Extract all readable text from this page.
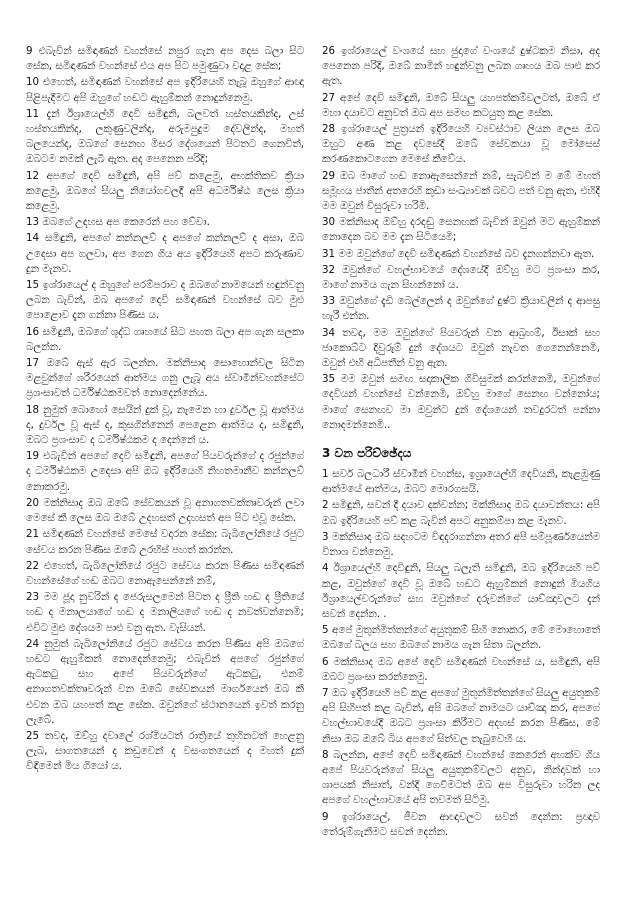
9 එබැවින් සමිඳාණන් වහන්සේ නපුර ගැන අප දෙස බලා සිට සේක, සමිඳාණන් වහන්සේ එය අප පිට පමුණුවා වදාළ සේක;

10 එහෙත්, සමිඳාණන් වහන්සේ අප ඉදිරියෙහි තැබූ ඔහුගේ ආඥා පිළිපැදීමට අපි ඔහුගේ හඬට ඇහුම්කන් නොදුන්නෙමු.

11 දැන් ඊශ්‍රායෙල්හි දෙවි සමිඳුනි, බලවත් හස්තයකින්ද, උස් හස්තයකින්ද, ලකුණුවලින්ද, අරුමපුදුම දේවලින්ද, මහත් බලයෙන්ද, ඔබගේ සෙනඟ මිසර දේශයෙන් පිටතට ගෙනවිත්, ඔබටම නමක් ලැබී ඇත. අද පෙනෙන පරිදි;

12 අපගේ දෙවි සමිඳුනි, අපි පව් කළෙමු, අභක්තිකව ක්‍රියා කළෙමු, ඔබගේ සියලු නියෝගවලදී අපි අධර්මිෂ්ඨ ලෙස ක්‍රියා කළෙමු.

13 ඔබගේ උදහස අප කෙරෙන් පහ වේවා.

14 සමිඳුනි, අපගේ කන්නලව් ද අපගේ කන්නලව් ද අසා, ඔබ උදෙසා අප ගලවා, අප ගෙන ගිය අය ඉදිරියෙහි අපට කරුණාව දුන මැනව.

15 ඉශ්රායෙල් ද ඔහුගේ පරම්පරාව ද ඔබගේ නාමයෙන් හඳුන්වනු ලබන බැවින්, ඔබ අපගේ දෙවි සමිඳාණන් වහන්සේ බව මුළු පොළොව දැන ගන්නා පිණිස ය.

16 සමිඳුනි, ඔබගේ ශුද්ධ ගෘහයේ සිට පහත බලා අප ගැන සලකා බලන්න.

17 ඔබේ ඇස් ඇර බලන්න. මක්නිසාද සොහොන්වල සිටින මළවුන්ගේ ශරීරයෙන් ආත්මය ගනු ලැබූ අය ස්වාමීන්වහන්සේට ප්‍රශංසාවත් ධර්මිෂ්ඨකමවත් නොදෙන්නේය.

18 නුමුත් බොහෝ සෙයින් දුක් වූ, නැමෙන හා දුර්වල වූ ආත්මය ද, දුර්වල වූ ඇස් ද, කුසගින්නෙන් පෙළෙන ආත්මය ද, සමිඳුනි, ඔබට ප්‍රශංසාව ද ධර්මිෂ්ඨකම ද දෙන්නේ ය.

19 එබැවින් අපගේ දෙවි සමිඳුනි, අපගේ පියවරුන්ගේ ද රජුන්ගේ ද ධර්මිෂ්ඨකම උදෙසා අපි ඔබ ඉදිරියෙහි නිහතමානීව කන්නලව් නොකරමු.

20 මක්නිසාද ඔබ ඔබේ සේවකයන් වූ අනාගතවක්තෘවරුන් ලවා මෙසේ කී ලෙස ඔබ ඔබේ උදහසත් උදහසත් අප පිට එවූ සේක.

21 සමිඳාණන් වහන්සේ මෙසේ වදාරන සේක: බැබිලෝනියේ රජුට සේවය කරන පිණිස ඔබේ උරහිස් පහත් කරන්න.

22 එහෙත්, බැබිලෝනියේ රජුට සේවය කරන පිණිස සමිඳාණන් වහන්සේගේ හඬ ඔබට නොඇසෙන්නේ නම්,

23 මම ජූදා නුවරින් ද ජෙරුසලමෙන් පිටත ද ප්‍රීති හඬ ද ප්‍රීතියේ හඬ ද මනාලයාගේ හඬ ද මනාලියගේ හඬ ද නවත්වන්නෙමි; එවිට මුළු දේශයම පාළු වනු ඇත. වැසියන්.

24 නුමුත් බැබිලෝනියේ රජුට සේවය කරන පිණිස අපි ඔබගේ හඬට ඇහුම්කන් නොදෙන්නෙමු; එබැවින් අපගේ රජුන්ගේ ඇටකටු සහ අපේ පියවරුන්ගේ ඇටකටු, එනම් අනාගතවක්තෘවරුන් වන ඔබේ සේවකයන් මාර්ගයෙන් ඔබ කී එවන ඔබ යහපත් කළ සේක. ඔවුන්ගේ ස්ථානයෙන් ඉවත් කරනු ලැබේ.

25 තවද, ඔව්හු දවාලේ රශ්මියටත් රාත්‍රියේ තුහිනටත් හෙළනු ලැබ, සාගතයෙන් ද කඩුවෙන් ද වසංගතයෙන් ද මහත් දුක් විඳිමෙන් මිය ගියෝ ය.

26 ඉශ්රායෙල් වංශයේ සහ ජුදාගේ වංශයේ දුෂ්ටකම නිසා, අද පෙනෙන පරිදි, ඔබේ නාමින් හඳුන්වනු ලබන ගෘහය ඔබ පාළු කර ඇත.

27 අපේ දෙවි සමිඳුනි, ඔබේ සියලු යහපත්කම්වලටත්, ඔබේ ඒ මහා දයාවට අනුවත් ඔබ අප සමඟ කටයුතු කළ සේක.

28 ඉශ්රායෙල් පුත්‍රයන් ඉදිරියෙහි ව්‍යවස්ථාව ලියන ලෙස ඔබ ඔහුට අණ කළ දවසේදී ඔබේ සේවකයා වූ මෝසෙස් කරණකොටගෙන මෙසේ කීවේය.

29 ඔබ මාගේ හඬ නොඇසෙන්නේ නම්, සැබවින් ම මේ මහත් සමූහය ජාතීන් අතරෙහි කුඩා සංඛ්‍යාවක් බවට පත් වනු ඇත, එහිදී මම ඔවුන් විසුරුවා හරිමි.

30 මක්නිසාද ඔව්හු දරදඬු සෙනඟක් බැවින් ඔවුන් මට ඇහුම්කන් නොදෙන බව මම දැන සිටියෙමි;

31 මම ඔවුන්ගේ දෙවි සමිඳාණන් වහන්සේ බව දැනගන්නවා ඇත.

32 ඔවුන්ගේ වහල්භාවයේ දේශයේදී ඔව්හු මට ප්‍රශංසා කර, මාගේ නාමය ගැන සිහන්නෝ ය.

33 ඔවුන්ගේ දැඩි බෙල්ලෙන් ද ඔවුන්ගේ දුෂ්ට ක්‍රියාවලින් ද ආපසු හැරී එන්න.

34 තවද, මම ඔවුන්ගේ පියවරුන් වන ආබ්‍රහම්, ඊසාක් සහ ජාකොබ්ට දිවුරුම් දුන් දේශයට ඔවුන් නැවත ගෙනෙන්නෙමි, ඔවුන් එහි අධිපතීන් වනු ඇත.

35 මම ඔවුන් සමඟ සදාකාලික ගිවිසුමක් කරන්නෙමි, ඔවුන්ගේ දෙවියන් වහන්සේ වන්නෙමි, ඔව්හු මාගේ සෙනඟ වන්නෝය; මාගේ සෙනඟව මා ඔවුන්ට දුන් දේශයෙන් තවදුරටත් පන්නා නොදමන්නෙමි..

3 වන පරිච්ඡේදය

1 සර්ව බලධාරී ස්වාමීන් වහන්ස, ඉශ්‍රායෙල්හි දෙවියනි, කැළඹුණු ආත්මයේ ආත්මය, ඔබට මොරගසයි.

2 සමිඳුනි, සවන් දී දයාව දක්වන්න; මක්නිසාද ඔබ දයාවන්තය: අපි ඔබ ඉදිරියෙහි පව් කළ බැවින් අපට අනුකම්පා කළ මැනව.

3 මක්නිසාද ඔබ සදහටම විඳදරාගන්නා අතර අපි සම්පූර්ණයෙන්ම විනාශ වන්නෙමු.

4 ඊශ්‍රායෙල්හි දෙවිඳුනි, සියලු බලැති සමිඳුනි, ඔබ ඉදිරියෙහි පව් කළ, ඔවුන්ගේ දෙවි වූ ඔබේ හඬට ඇහුම්කන් නොදුන් මියගිය ඊශ්‍රායෙල්වරුන්ගේ සහ ඔවුන්ගේ දරුවන්ගේ යාච්ඤාවලට දැන් සවන් දෙන්න. .

5 අපේ මුතුන්මිත්තන්ගේ අයුතුකම් සිහි නොකර, මේ මොහොතේ ඔබගේ බලය සහ ඔබගේ නාමය ගැන සිතා බලන්න.

6 මක්නිසාද ඔබ අපේ දෙවි සමිඳාණන් වහන්සේ ය, සමිඳුනි, අපි ඔබට ප්‍රශංසා කරන්නෙමු.

7 ඔබ ඉදිරියෙහි පව් කළ අපගේ මුතුන්මිත්තන්ගේ සියලු අයුතුකම් අපි සිහිපත් කළ බැවින්, අපි ඔබගේ නාමයට යාච්ඤා කර, අපගේ වහල්භාවයේදී ඔබට ප්‍රශංසා කිරීමට අදහස් කරන පිණිස, මේ නිසා ඔබ ඔබේ බිය අපගේ සිත්වල තැබුවෙහි ය.

8 බලන්න, අපේ දෙවි සමිඳාණන් වහන්සේ කෙරෙන් අහක්ව ගිය අපේ පියවරුන්ගේ සියලු අයුතුකම්වලට අනුව, නින්දාවක් හා ශාපයක් නිසාත්, වන්දි ගෙවීමටත් ඔබ අප විසුරුවා හරින ලද අපගේ වහල්භාවයේ අපි තවමත් සිටිමු.

9 ඉශ්රායෙල්, ජීවන ආඥාවලට සවන් දෙන්න: ප්‍රඥාව තේරුම්ගැනීමට සවන් දෙන්න.
